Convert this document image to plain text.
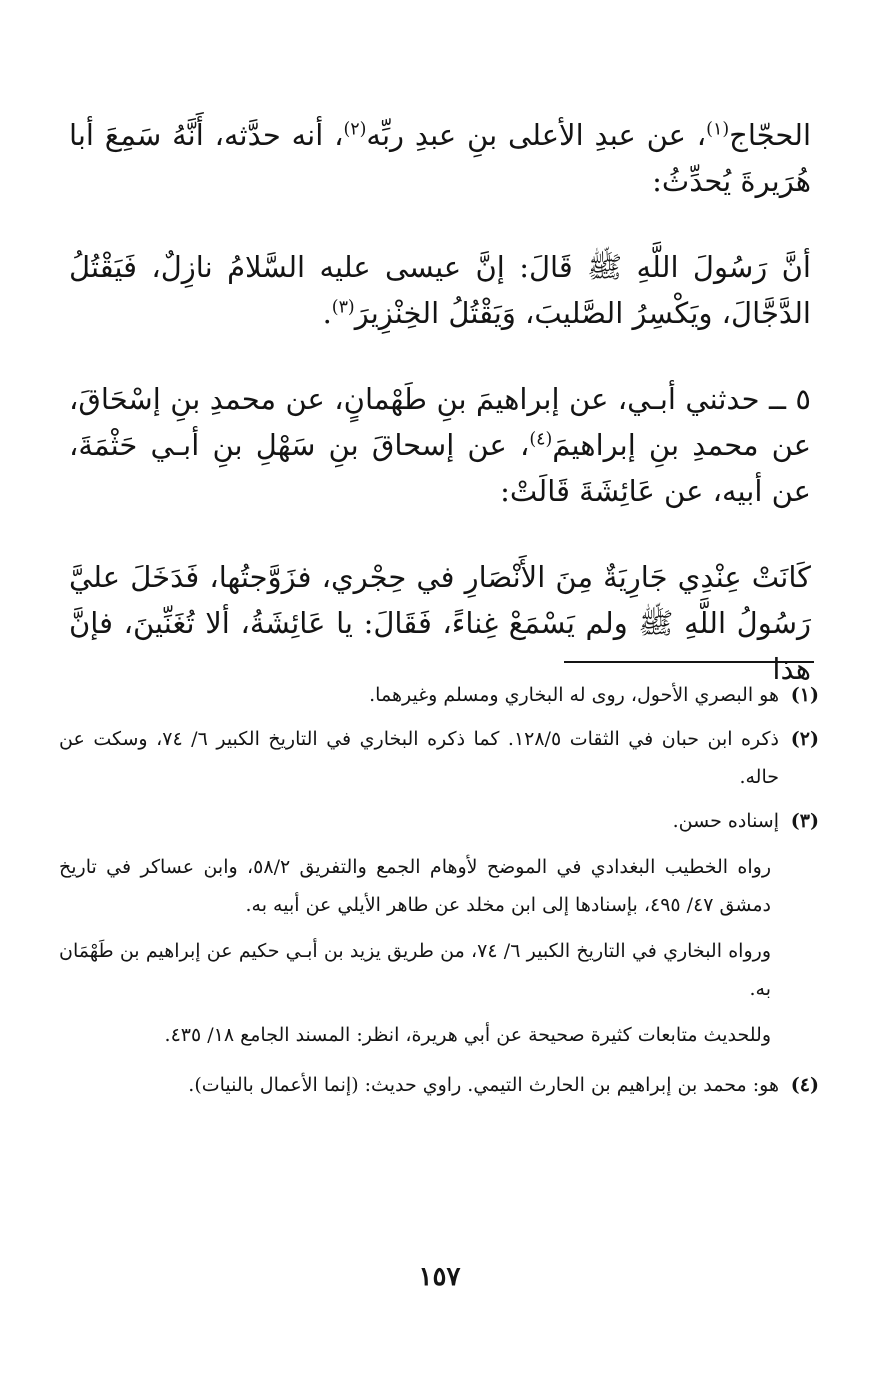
الحجّاج$^{(١)}$، عن عبدِ الأعلى بنِ عبدِ ربِّه$^{(٢)}$، أنه حدَّثه، أَنَّهُ سَمِعَ أبا هُرَيرةَ يُحدِّثُ:

أنَّ رَسُولَ اللَّهِ ﷺ قَالَ: إنَّ عيسى عليه السَّلامُ نازِلٌ، فَيَقْتُلُ الدَّجَّالَ، ويَكْسِرُ الصَّليبَ، وَيَقْتُلُ الخِنْزِيرَ$^{(٣)}$.

٥ ــ حدثني أبـي، عن إبراهيمَ بنِ طَهْمانٍ، عن محمدِ بنِ إسْحَاقَ، عن محمدِ بنِ إبراهيمَ$^{(٤)}$، عن إسحاقَ بنِ سَهْلِ بنِ أبـي حَثْمَةَ، عن أبيه، عن عَائِشَةَ قَالَتْ:

كَانَتْ عِنْدِي جَارِيَةٌ مِنَ الأَنْصَارِ في حِجْري، فزَوَّجتُها، فَدَخَلَ عليَّ رَسُولُ اللَّهِ ﷺ ولم يَسْمَعْ غِناءً، فَقَالَ: يا عَائِشَةُ، ألا تُغَنِّينَ، فإنَّ هذا

(١)
هو البصري الأحول، روى له البخاري ومسلم وغيرهما.
(٢)
ذكره ابن حبان في الثقات ١٢٨/٥. كما ذكره البخاري في التاريخ الكبير ٦/ ٧٤، وسكت عن حاله.
(٣)
إسناده حسن.
رواه الخطيب البغدادي في الموضح لأوهام الجمع والتفريق ٥٨/٢، وابن عساكر في تاريخ دمشق ٤٧/ ٤٩٥، بإسنادها إلى ابن مخلد عن طاهر الأيلي عن أبيه به.
ورواه البخاري في التاريخ الكبير ٦/ ٧٤، من طريق يزيد بن أبـي حكيم عن إبراهيم بن طَهْمَان به.
وللحديث متابعات كثيرة صحيحة عن أبي هريرة، انظر: المسند الجامع ١٨/ ٤٣٥.
(٤)
هو: محمد بن إبراهيم بن الحارث التيمي. راوي حديث: (إنما الأعمال بالنيات).
١٥٧
